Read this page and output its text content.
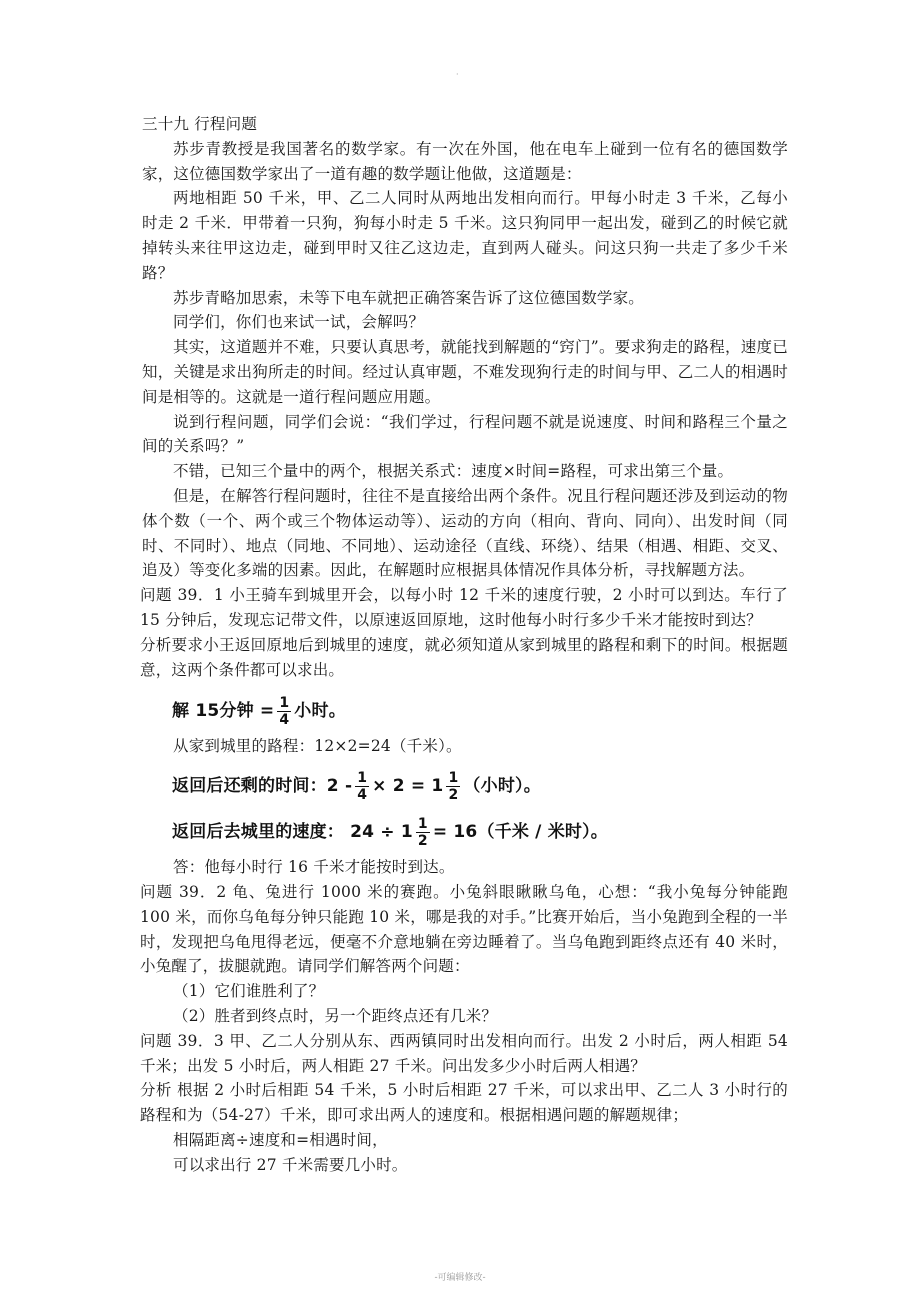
·

三十九 行程问题

苏步青教授是我国著名的数学家。有一次在外国，他在电车上碰到一位有名的德国数学家，这位德国数学家出了一道有趣的数学题让他做，这道题是：

两地相距 50 千米，甲、乙二人同时从两地出发相向而行。甲每小时走 3 千米，乙每小时走 2 千米．甲带着一只狗，狗每小时走 5 千米。这只狗同甲一起出发，碰到乙的时候它就掉转头来往甲这边走，碰到甲时又往乙这边走，直到两人碰头。问这只狗一共走了多少千米路？

苏步青略加思索，未等下电车就把正确答案告诉了这位德国数学家。

同学们，你们也来试一试，会解吗？

其实，这道题并不难，只要认真思考，就能找到解题的“窍门”。要求狗走的路程，速度已知，关键是求出狗所走的时间。经过认真审题，不难发现狗行走的时间与甲、乙二人的相遇时间是相等的。这就是一道行程问题应用题。

说到行程问题，同学们会说：“我们学过，行程问题不就是说速度、时间和路程三个量之间的关系吗？”

不错，已知三个量中的两个，根据关系式：速度×时间=路程，可求出第三个量。

但是，在解答行程问题时，往往不是直接给出两个条件。况且行程问题还涉及到运动的物体个数（一个、两个或三个物体运动等）、运动的方向（相向、背向、同向）、出发时间（同时、不同时）、地点（同地、不同地）、运动途径（直线、环绕）、结果（相遇、相距、交叉、追及）等变化多端的因素。因此，在解题时应根据具体情况作具体分析，寻找解题方法。

问题 39．1 小王骑车到城里开会，以每小时 12 千米的速度行驶，2 小时可以到达。车行了 15 分钟后，发现忘记带文件，以原速返回原地，这时他每小时行多少千米才能按时到达？

分析要求小王返回原地后到城里的速度，就必须知道从家到城里的路程和剩下的时间。根据题意，这两个条件都可以求出。

解 15分钟 = $\frac{1}{4}$ 小时。

从家到城里的路程：12×2=24（千米）。

返回后还剩的时间：$2 - \frac{1}{4} \times 2 = 1 \frac{1}{2}$ （小时）。
返回后去城里的速度： $24 \div 1 \frac{1}{2} = 16$（千米 / 米时）。

答：他每小时行 16 千米才能按时到达。

问题 39．2 龟、兔进行 1000 米的赛跑。小兔斜眼瞅瞅乌龟，心想：“我小兔每分钟能跑 100 米，而你乌龟每分钟只能跑 10 米，哪是我的对手。”比赛开始后，当小兔跑到全程的一半时，发现把乌龟甩得老远，便毫不介意地躺在旁边睡着了。当乌龟跑到距终点还有 40 米时，小兔醒了，拔腿就跑。请同学们解答两个问题：

（1）它们谁胜利了？

（2）胜者到终点时，另一个距终点还有几米？

问题 39．3 甲、乙二人分别从东、西两镇同时出发相向而行。出发 2 小时后，两人相距 54 千米；出发 5 小时后，两人相距 27 千米。问出发多少小时后两人相遇？

分析 根据 2 小时后相距 54 千米，5 小时后相距 27 千米，可以求出甲、乙二人 3 小时行的路程和为（54-27）千米，即可求出两人的速度和。根据相遇问题的解题规律；

相隔距离÷速度和=相遇时间，

可以求出行 27 千米需要几小时。

-可编辑修改-
